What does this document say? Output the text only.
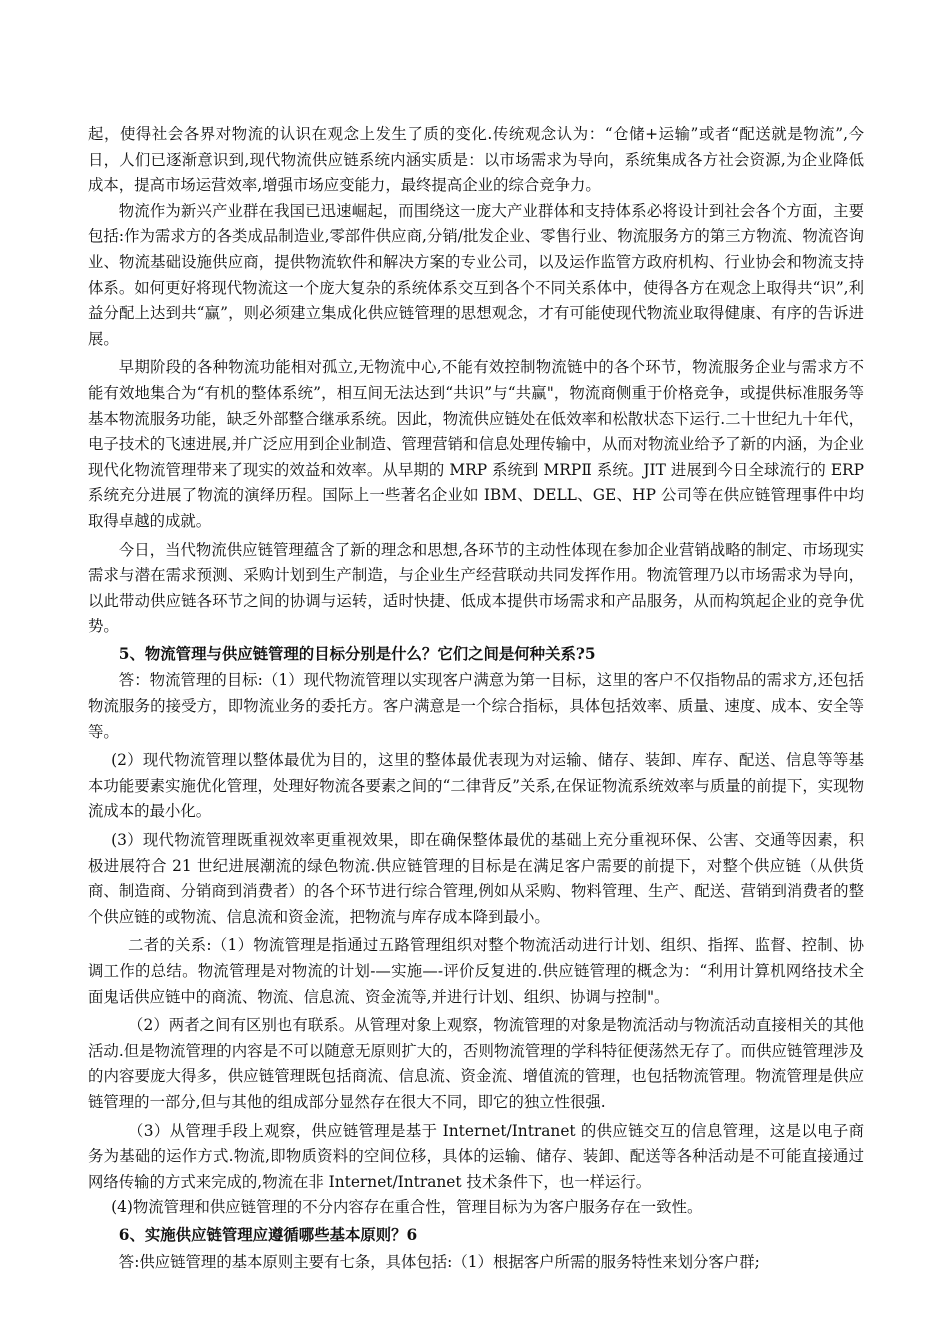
起，使得社会各界对物流的认识在观念上发生了质的变化.传统观念认为：“仓储+运输”或者“配送就是物流”,今日，人们已逐渐意识到,现代物流供应链系统内涵实质是：以市场需求为导向，系统集成各方社会资源,为企业降低成本，提高市场运营效率,增强市场应变能力，最终提高企业的综合竞争力。

物流作为新兴产业群在我国已迅速崛起，而围绕这一庞大产业群体和支持体系必将设计到社会各个方面，主要包括:作为需求方的各类成品制造业,零部件供应商,分销/批发企业、零售行业、物流服务方的第三方物流、物流咨询业、物流基础设施供应商，提供物流软件和解决方案的专业公司，以及运作监管方政府机构、行业协会和物流支持体系。如何更好将现代物流这一个庞大复杂的系统体系交互到各个不同关系体中，使得各方在观念上取得共“识”,利益分配上达到共“赢”，则必须建立集成化供应链管理的思想观念，才有可能使现代物流业取得健康、有序的告诉进展。

早期阶段的各种物流功能相对孤立,无物流中心,不能有效控制物流链中的各个环节，物流服务企业与需求方不能有效地集合为“有机的整体系统”，相互间无法达到“共识”与“共赢"，物流商侧重于价格竞争，或提供标准服务等基本物流服务功能，缺乏外部整合继承系统。因此，物流供应链处在低效率和松散状态下运行.二十世纪九十年代，电子技术的飞速进展,并广泛应用到企业制造、管理营销和信息处理传输中，从而对物流业给予了新的内涵，为企业现代化物流管理带来了现实的效益和效率。从早期的 MRP 系统到 MRPⅡ 系统。JIT 进展到今日全球流行的 ERP 系统充分进展了物流的演绎历程。国际上一些著名企业如 IBM、DELL、GE、HP 公司等在供应链管理事件中均取得卓越的成就。

今日，当代物流供应链管理蕴含了新的理念和思想,各环节的主动性体现在参加企业营销战略的制定、市场现实需求与潜在需求预测、采购计划到生产制造，与企业生产经营联动共同发挥作用。物流管理乃以市场需求为导向，以此带动供应链各环节之间的协调与运转，适时快捷、低成本提供市场需求和产品服务，从而构筑起企业的竞争优势。

5、物流管理与供应链管理的目标分别是什么？它们之间是何种关系?5

答：物流管理的目标:（1）现代物流管理以实现客户满意为第一目标，这里的客户不仅指物品的需求方,还包括物流服务的接受方，即物流业务的委托方。客户满意是一个综合指标，具体包括效率、质量、速度、成本、安全等等。

(2）现代物流管理以整体最优为目的，这里的整体最优表现为对运输、储存、装卸、库存、配送、信息等等基本功能要素实施优化管理，处理好物流各要素之间的“二律背反”关系,在保证物流系统效率与质量的前提下，实现物流成本的最小化。

(3）现代物流管理既重视效率更重视效果，即在确保整体最优的基础上充分重视环保、公害、交通等因素，积极进展符合 21 世纪进展潮流的绿色物流.供应链管理的目标是在满足客户需要的前提下，对整个供应链（从供货商、制造商、分销商到消费者）的各个环节进行综合管理,例如从采购、物料管理、生产、配送、营销到消费者的整个供应链的或物流、信息流和资金流，把物流与库存成本降到最小。

二者的关系:（1）物流管理是指通过五路管理组织对整个物流活动进行计划、组织、指挥、监督、控制、协调工作的总结。物流管理是对物流的计划-—实施—-评价反复进的.供应链管理的概念为：“利用计算机网络技术全面鬼话供应链中的商流、物流、信息流、资金流等,并进行计划、组织、协调与控制"。

（2）两者之间有区别也有联系。从管理对象上观察，物流管理的对象是物流活动与物流活动直接相关的其他活动.但是物流管理的内容是不可以随意无原则扩大的，否则物流管理的学科特征便荡然无存了。而供应链管理涉及的内容要庞大得多，供应链管理既包括商流、信息流、资金流、增值流的管理，也包括物流管理。物流管理是供应链管理的一部分,但与其他的组成部分显然存在很大不同，即它的独立性很强.

（3）从管理手段上观察，供应链管理是基于 Internet/Intranet 的供应链交互的信息管理，这是以电子商务为基础的运作方式.物流,即物质资料的空间位移，具体的运输、储存、装卸、配送等各种活动是不可能直接通过网络传输的方式来完成的,物流在非 Internet/Intranet 技术条件下，也一样运行。

(4)物流管理和供应链管理的不分内容存在重合性，管理目标为为客户服务存在一致性。

6、实施供应链管理应遵循哪些基本原则？6

答:供应链管理的基本原则主要有七条，具体包括:（1）根据客户所需的服务特性来划分客户群;
